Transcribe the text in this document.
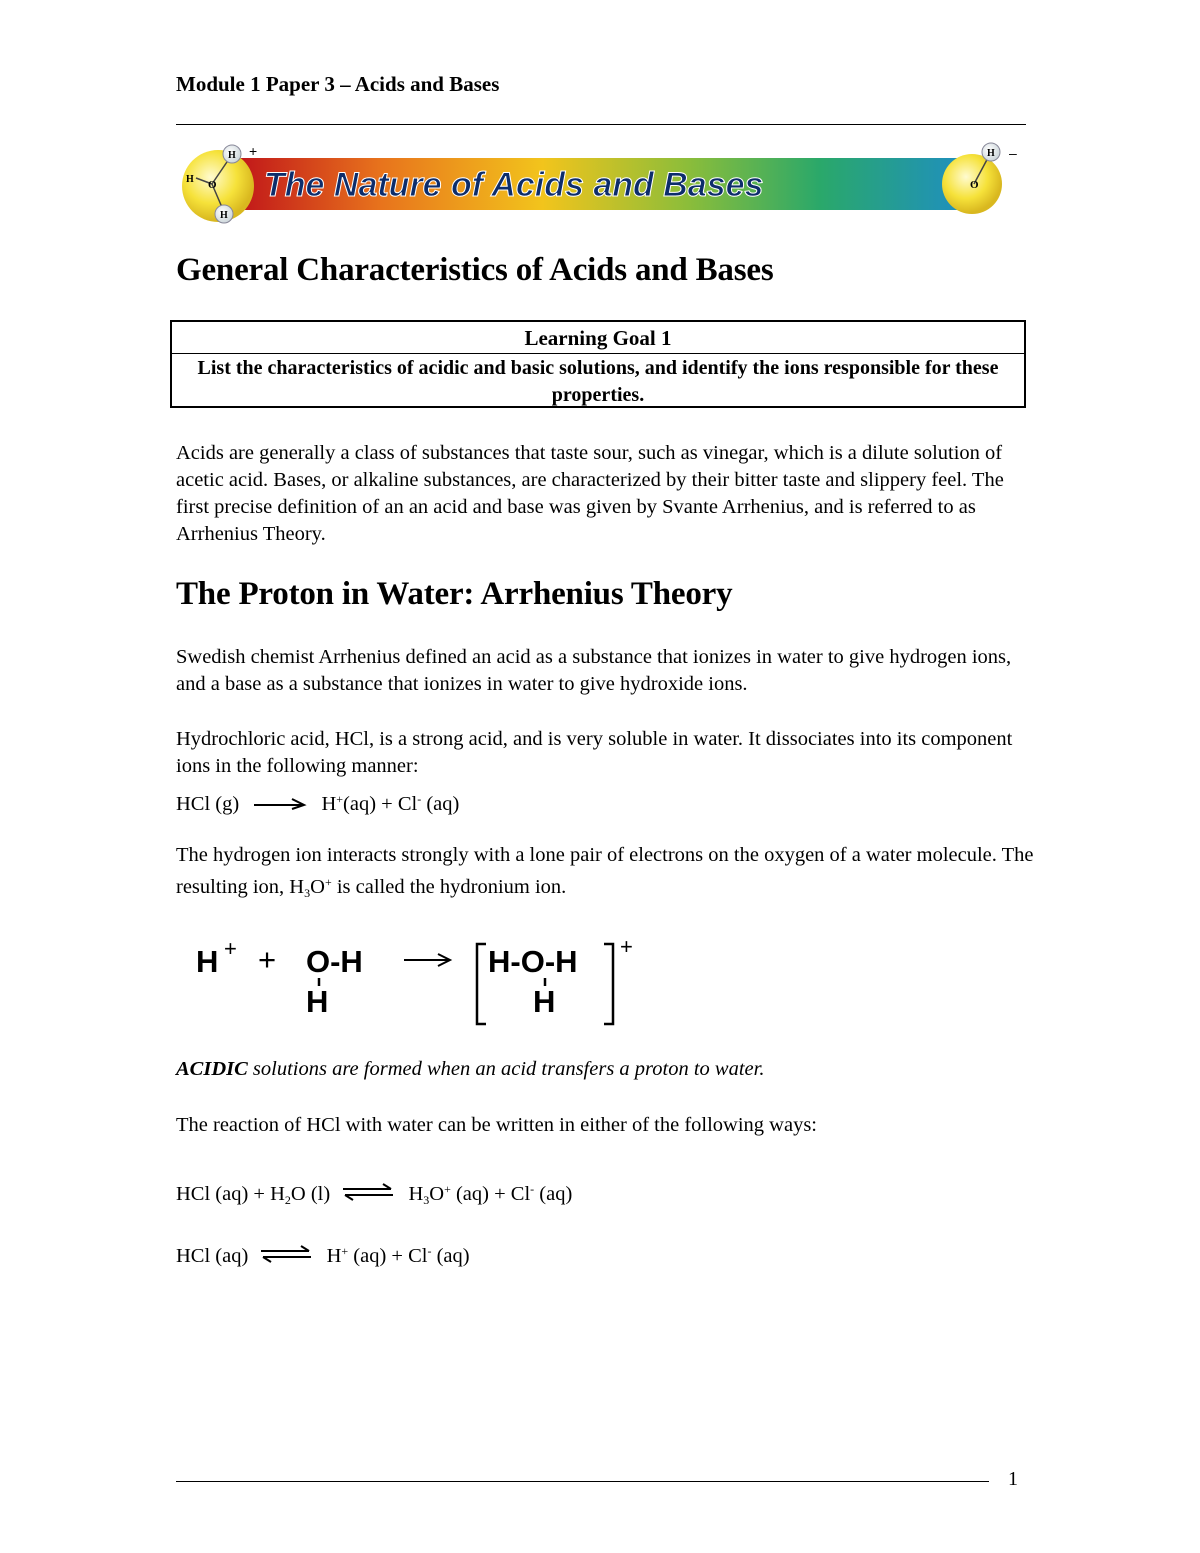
Module 1 Paper 3 – Acids and Bases
The Nature of Acids and Bases
H
H
O
H
+	H
O
–
General Characteristics of Acids and Bases
Learning Goal 1
List the characteristics of acidic and basic solutions, and identify the ions responsible for these properties.
Acids are generally a class of substances that taste sour, such as vinegar, which is a dilute solution of acetic acid. Bases, or alkaline substances, are characterized by their bitter taste and slippery feel. The first precise definition of an an acid and base was given by Svante Arrhenius, and is referred to as Arrhenius Theory.
The Proton in Water: Arrhenius Theory
Swedish chemist Arrhenius defined an acid as a substance that ionizes in water to give hydrogen ions, and a base as a substance that ionizes in water to give hydroxide ions.
Hydrochloric acid, HCl, is a strong acid, and is very soluble in water. It dissociates into its component ions in the following manner:
HCl (g) → H+(aq) + Cl- (aq)
The hydrogen ion interacts strongly with a lone pair of electrons on the oxygen of a water molecule. The resulting ion, $H_3O^+$ is called the hydronium ion.
H + + O-H
H
H-O-H
H
+
ACIDIC solutions are formed when an acid transfers a proton to water.
The reaction of HCl with water can be written in either of the following ways:
HCl $(aq) + H_2O$ (l) ⇌ $H_3O^+$ (aq) + Cl- (aq)
HCl (aq) ⇌ H+ (aq) + Cl- (aq)
1
